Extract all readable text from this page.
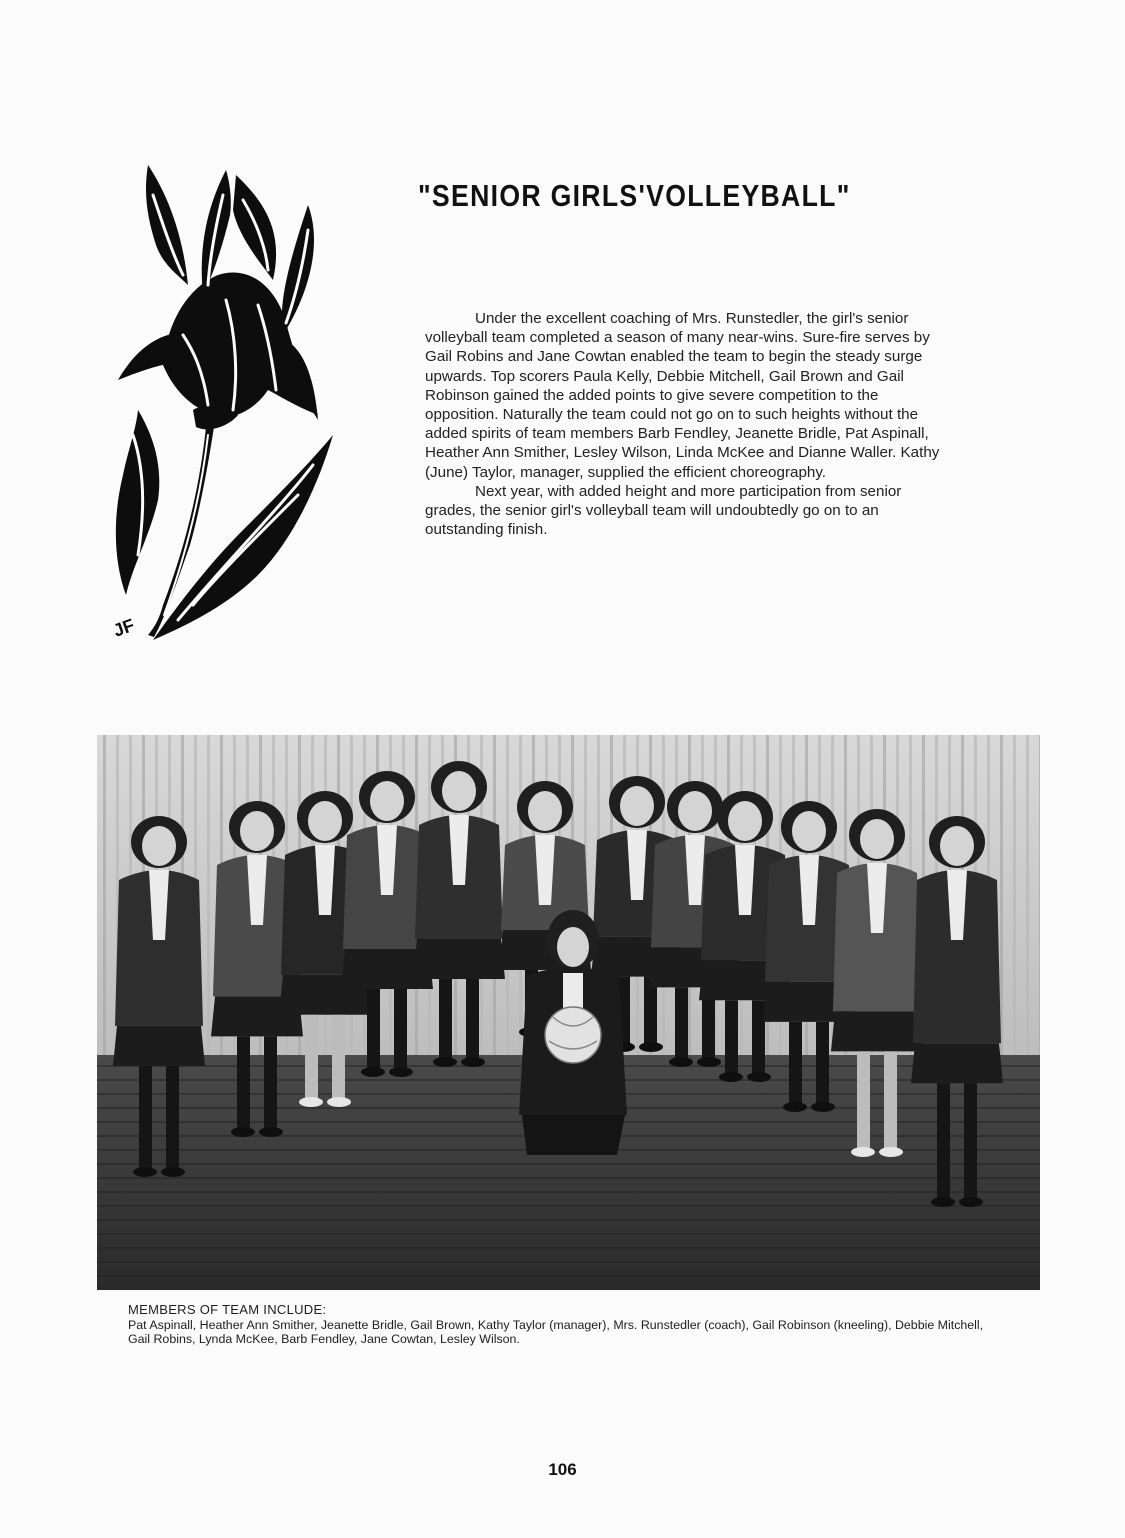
JF
"SENIOR GIRLS'VOLLEYBALL"

Under the excellent coaching of Mrs. Runstedler, the girl's senior volleyball team completed a season of many near-wins. Sure-fire serves by Gail Robins and Jane Cowtan enabled the team to begin the steady surge upwards. Top scorers Paula Kelly, Debbie Mitchell, Gail Brown and Gail Robinson gained the added points to give severe competition to the opposition. Naturally the team could not go on to such heights without the added spirits of team members Barb Fendley, Jeanette Bridle, Pat Aspinall, Heather Ann Smither, Lesley Wilson, Linda McKee and Dianne Waller. Kathy (June) Taylor, manager, supplied the efficient choreography.

Next year, with added height and more participation from senior grades, the senior girl's volleyball team will undoubtedly go on to an outstanding finish.

MEMBERS OF TEAM INCLUDE:
Pat Aspinall, Heather Ann Smither, Jeanette Bridle, Gail Brown, Kathy Taylor (manager), Mrs. Runstedler (coach), Gail Robinson (kneeling), Debbie Mitchell, Gail Robins, Lynda McKee, Barb Fendley, Jane Cowtan, Lesley Wilson.
106
